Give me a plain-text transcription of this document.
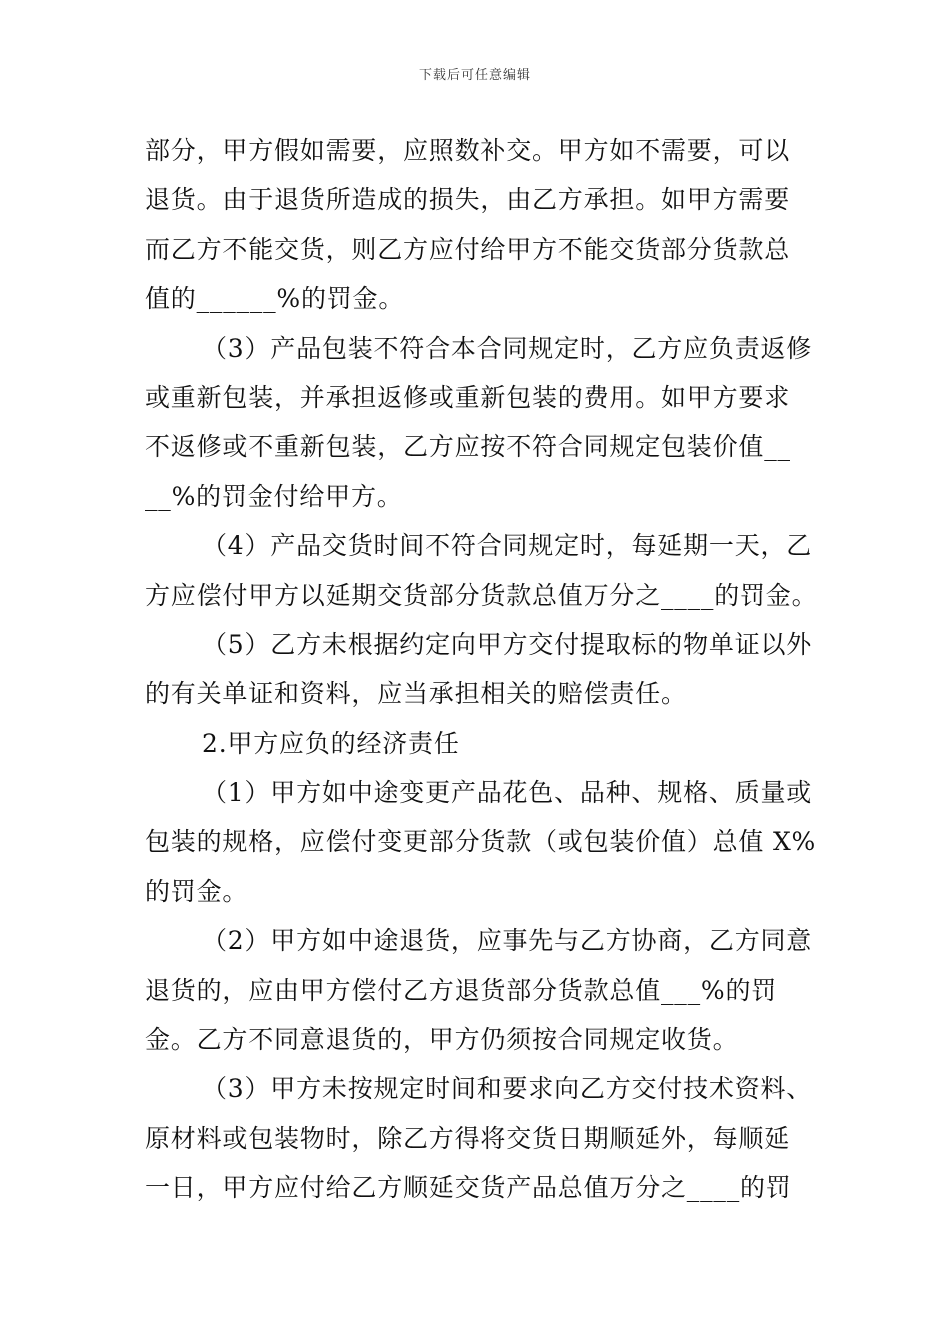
下载后可任意编辑
部分，甲方假如需要，应照数补交。甲方如不需要，可以
退货。由于退货所造成的损失，由乙方承担。如甲方需要
而乙方不能交货，则乙方应付给甲方不能交货部分货款总
值的______%的罚金。
（3）产品包装不符合本合同规定时，乙方应负责返修
或重新包装，并承担返修或重新包装的费用。如甲方要求
不返修或不重新包装，乙方应按不符合同规定包装价值__
__%的罚金付给甲方。
（4）产品交货时间不符合同规定时，每延期一天，乙
方应偿付甲方以延期交货部分货款总值万分之____的罚金。
（5）乙方未根据约定向甲方交付提取标的物单证以外
的有关单证和资料，应当承担相关的赔偿责任。
2.甲方应负的经济责任
（1）甲方如中途变更产品花色、品种、规格、质量或
包装的规格，应偿付变更部分货款（或包装价值）总值 X%
的罚金。
（2）甲方如中途退货，应事先与乙方协商，乙方同意
退货的，应由甲方偿付乙方退货部分货款总值___%的罚
金。乙方不同意退货的，甲方仍须按合同规定收货。
（3）甲方未按规定时间和要求向乙方交付技术资料、
原材料或包装物时，除乙方得将交货日期顺延外，每顺延
一日，甲方应付给乙方顺延交货产品总值万分之____的罚
